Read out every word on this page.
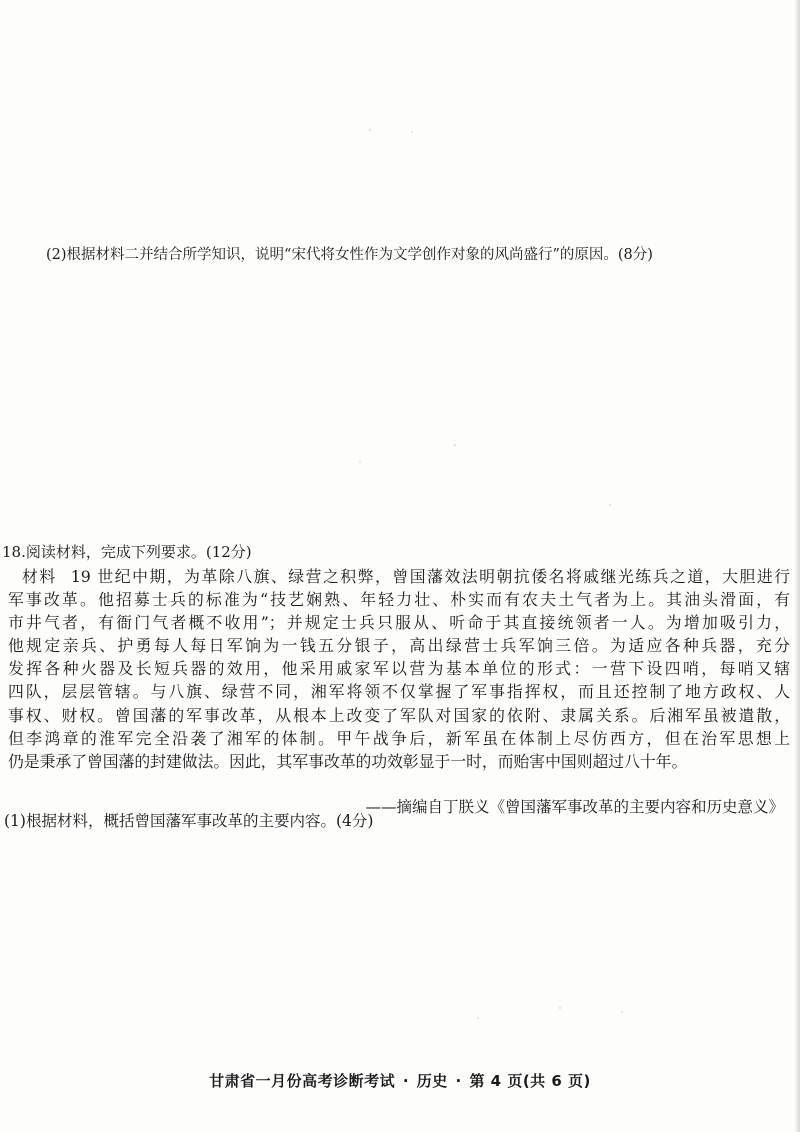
(2)根据材料二并结合所学知识，说明“宋代将女性作为文学创作对象的风尚盛行”的原因。(8分)
18.阅读材料，完成下列要求。(12分)
材料 19 世纪中期，为革除八旗、绿营之积弊，曾国藩效法明朝抗倭名将戚继光练兵之道，大胆进行
军事改革。他招募士兵的标准为“技艺娴熟、年轻力壮、朴实而有农夫土气者为上。其油头滑面，有
市井气者，有衙门气者概不收用”；并规定士兵只服从、听命于其直接统领者一人。为增加吸引力，
他规定亲兵、护勇每人每日军饷为一钱五分银子，高出绿营士兵军饷三倍。为适应各种兵器，充分
发挥各种火器及长短兵器的效用，他采用戚家军以营为基本单位的形式：一营下设四哨，每哨又辖
四队，层层管辖。与八旗、绿营不同，湘军将领不仅掌握了军事指挥权，而且还控制了地方政权、人
事权、财权。曾国藩的军事改革，从根本上改变了军队对国家的依附、隶属关系。后湘军虽被遣散，
但李鸿章的淮军完全沿袭了湘军的体制。甲午战争后，新军虽在体制上尽仿西方，但在治军思想上
仍是秉承了曾国藩的封建做法。因此，其军事改革的功效彰显于一时，而贻害中国则超过八十年。
——摘编自丁朕义《曾国藩军事改革的主要内容和历史意义》
(1)根据材料，概括曾国藩军事改革的主要内容。(4分)
甘肃省一月份高考诊断考试 · 历史 · 第 4 页(共 6 页)
